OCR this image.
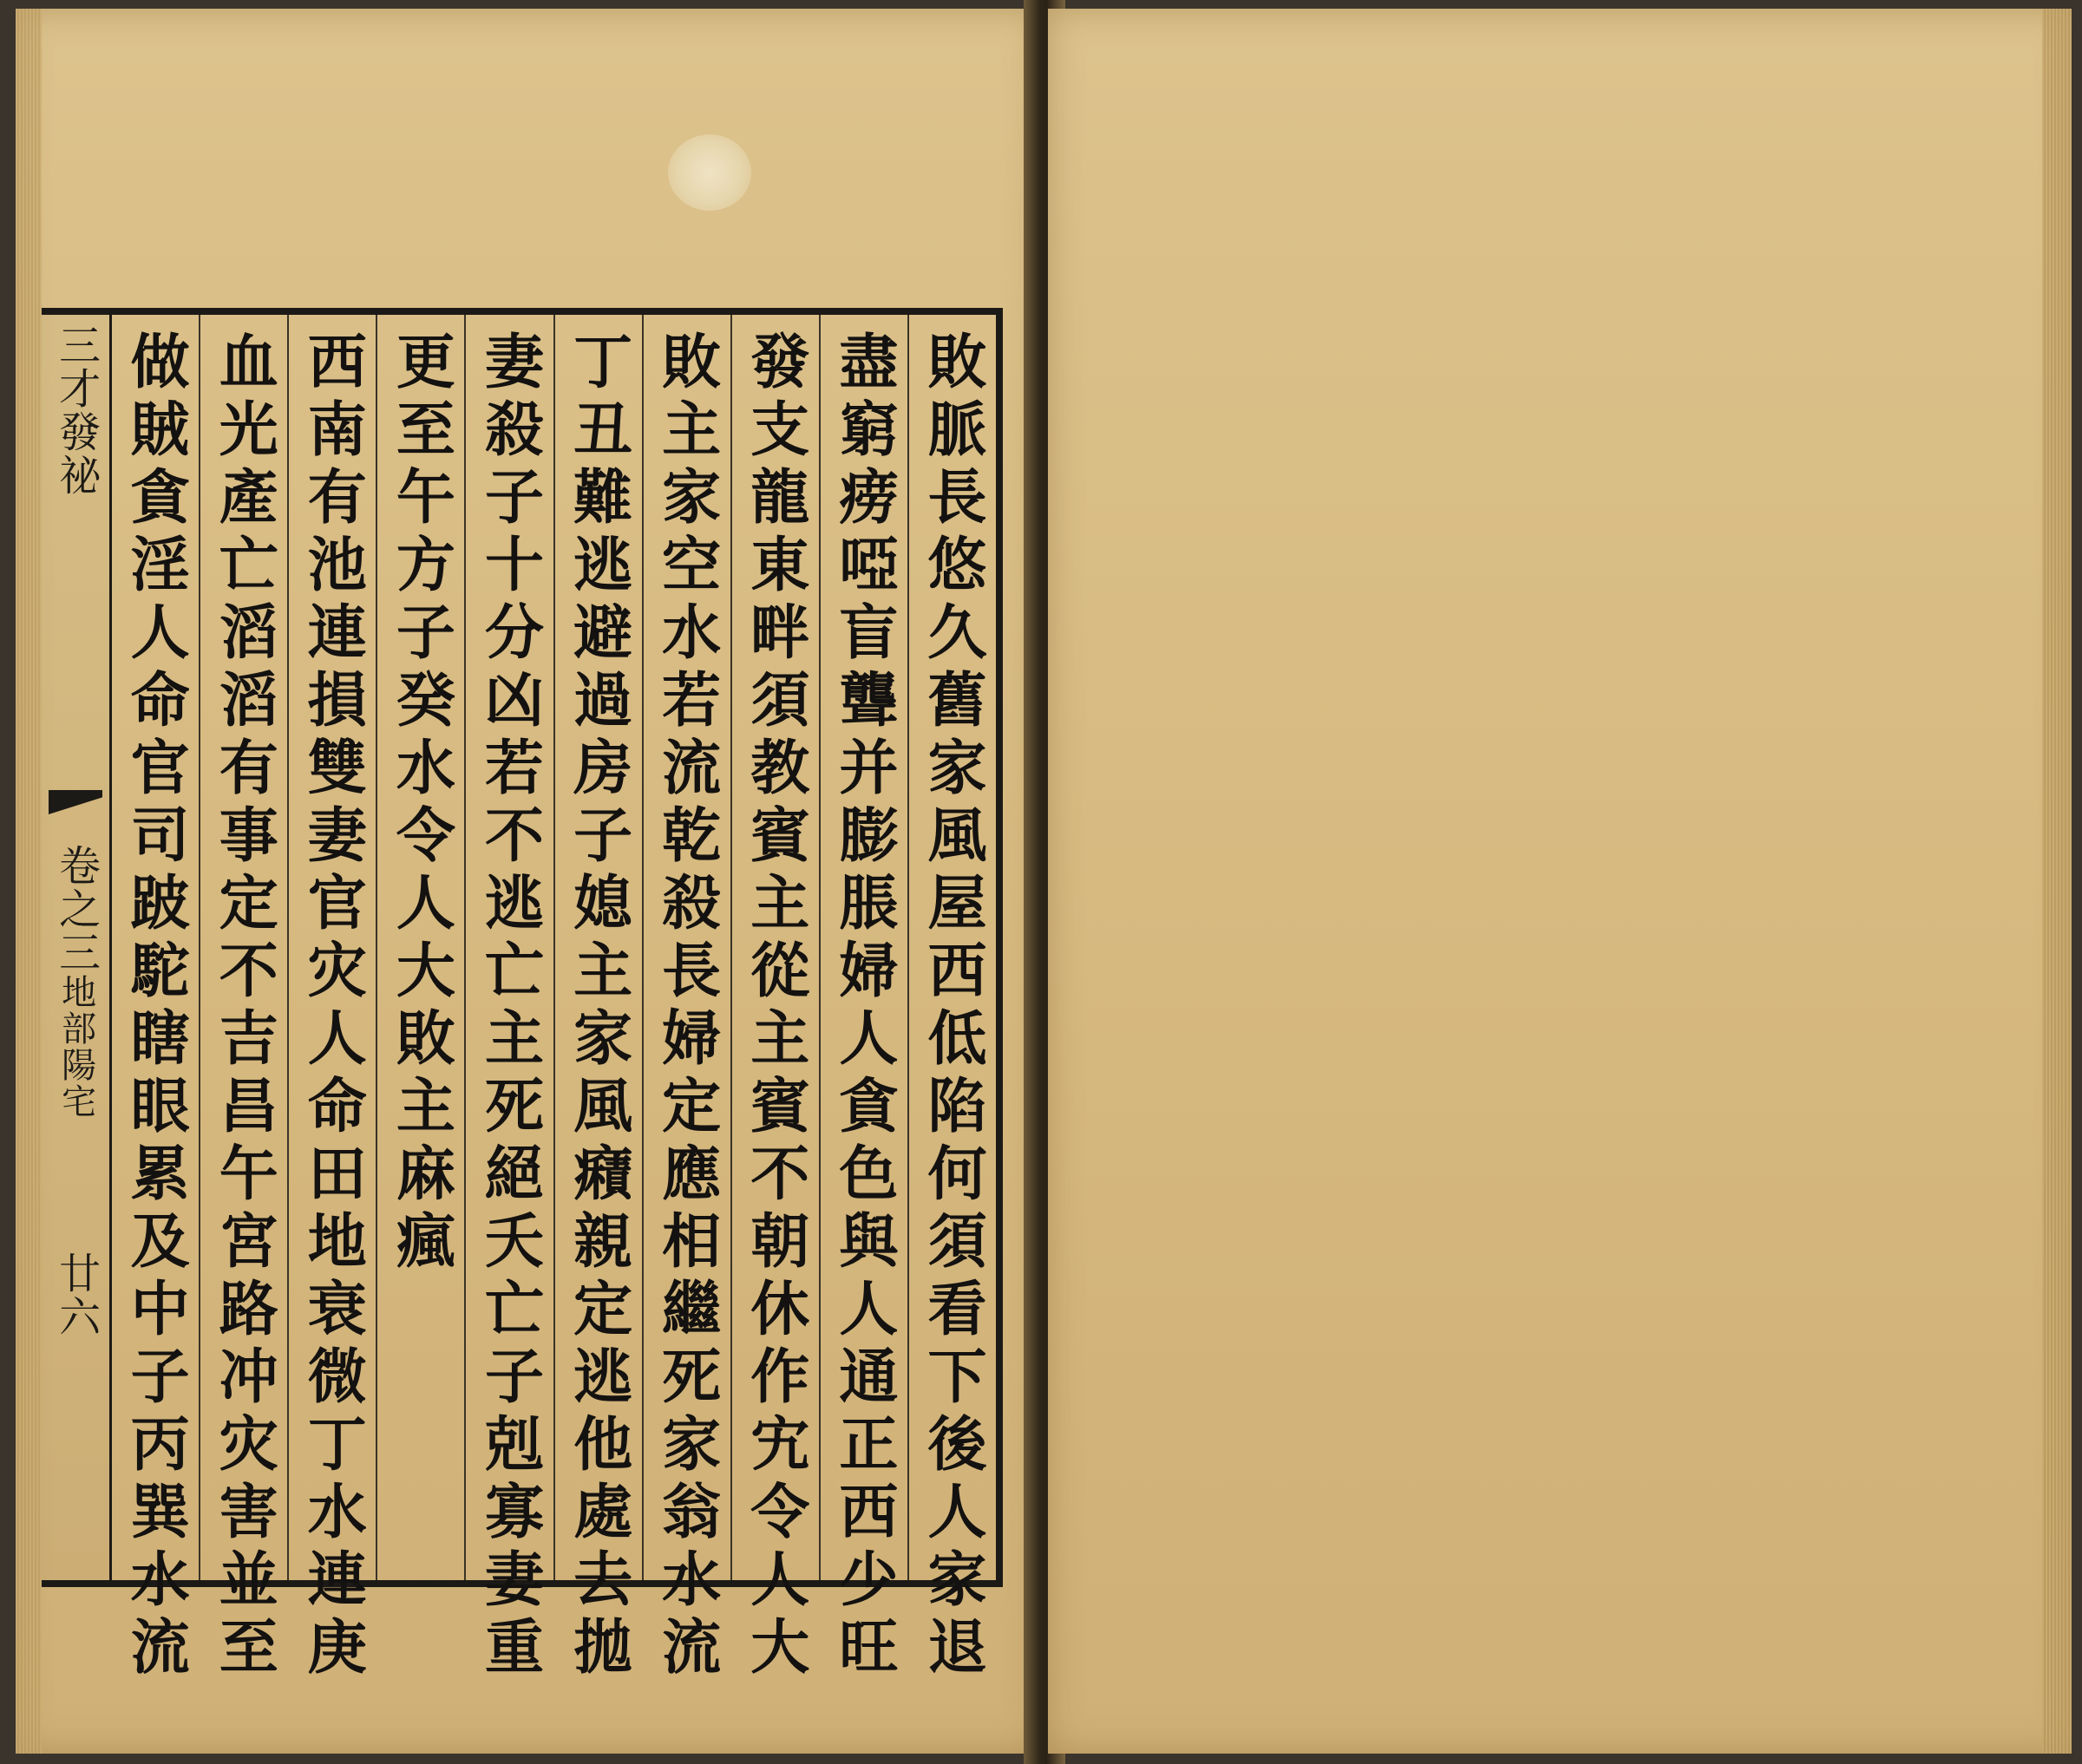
三才發祕
卷之三地部陽宅
廿六	敗脈長悠久舊家風屋西低陷何須看下後人家退
盡窮痨啞盲聾并膨脹婦人貪色與人通正西少旺
發支龍東畔須教賓主從主賓不朝休作宄令人大
敗主家空水若流乾殺長婦定應相繼死家翁水流
丁丑難逃避過房子媳主家風癪親定逃他處去拋
妻殺子十分凶若不逃亡主死絕夭亡子剋寡妻重
更至午方子癸水令人大敗主麻瘋
西南有池連損雙妻官灾人命田地衰微丁水連庚
血光產亡滔滔有事定不吉昌午宮路冲灾害並至
做賊貪淫人命官司跛駝瞎眼累及中子丙巽水流
